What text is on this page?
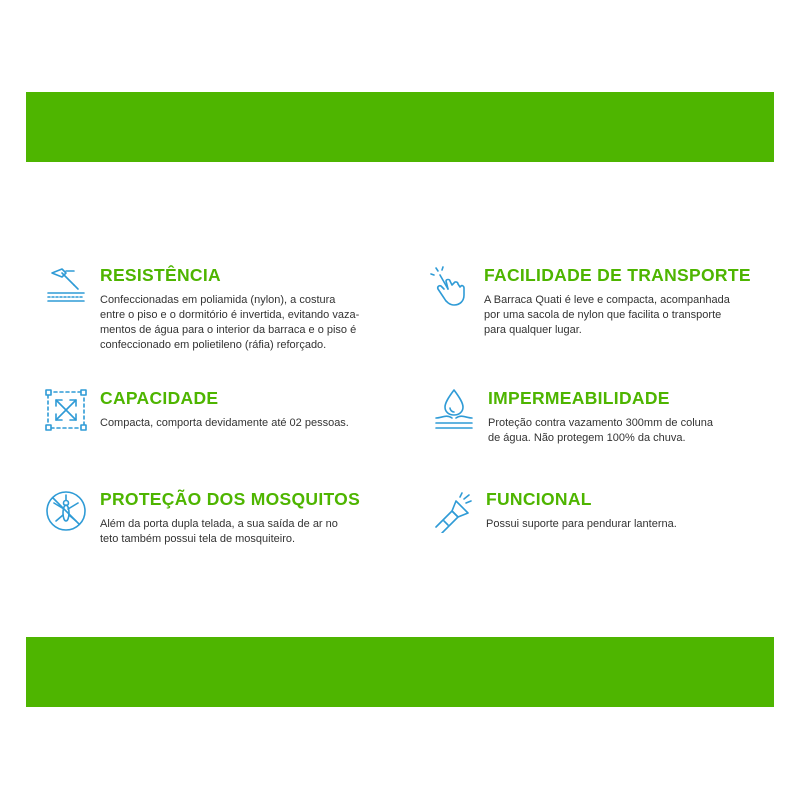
RESISTÊNCIA

Confeccionadas em poliamida (nylon), a costura
entre o piso e o dormitório é invertida, evitando vaza-
mentos de água para o interior da barraca e o piso é
confeccionado em polietileno (ráfia) reforçado.

FACILIDADE DE TRANSPORTE

A Barraca Quati é leve e compacta, acompanhada
por uma sacola de nylon que facilita o transporte
para qualquer lugar.

CAPACIDADE

Compacta, comporta devidamente até 02 pessoas.

IMPERMEABILIDADE

Proteção contra vazamento 300mm de coluna
de água. Não protegem 100% da chuva.

PROTEÇÃO DOS MOSQUITOS

Além da porta dupla telada, a sua saída de ar no
teto também possui tela de mosquiteiro.

FUNCIONAL

Possui suporte para pendurar lanterna.
